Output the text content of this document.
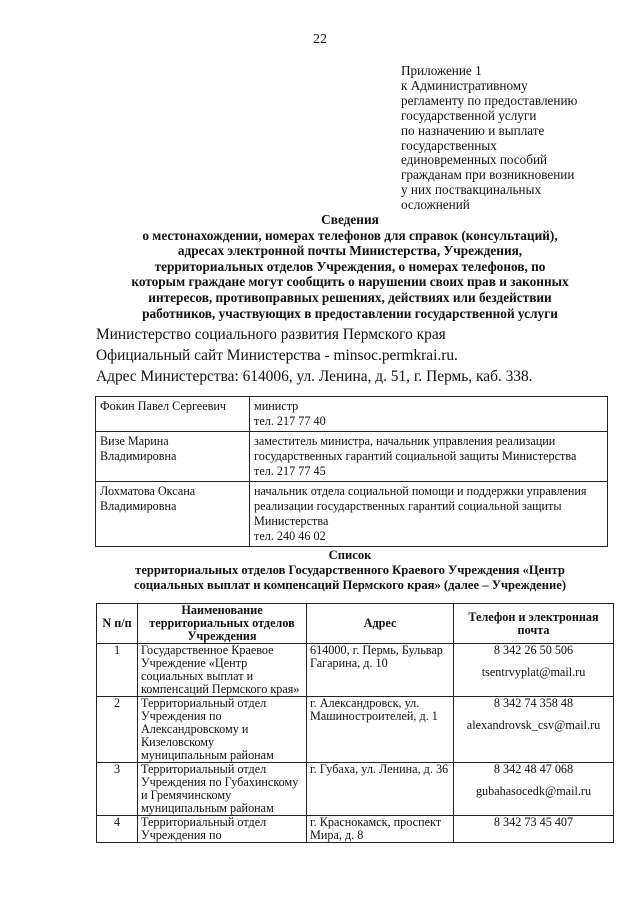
22
Приложение 1
к Административному
регламенту по предоставлению
государственной услуги
по назначению и выплате
государственных
единовременных пособий
гражданам при возникновении
у них поствакцинальных
осложнений
Сведения
о местонахождении, номерах телефонов для справок (консультаций),
адресах электронной почты Министерства, Учреждения,
территориальных отделов Учреждения, о номерах телефонов, по
которым граждане могут сообщить о нарушении своих прав и законных
интересов, противоправных решениях, действиях или бездействии
работников, участвующих в предоставлении государственной услуги
Министерство социального развития Пермского края
Официальный сайт Министерства - minsoc.permkrai.ru.
Адрес Министерства: 614006, ул. Ленина, д. 51, г. Пермь, каб. 338.
Фокин Павел Сергеевич	министр
тел. 217 77 40

Визе Марина Владимировна	заместитель министра, начальник управления реализации государственных гарантий социальной защиты Министерства
тел. 217 77 45

Лохматова Оксана Владимировна	начальник отдела социальной помощи и поддержки управления реализации государственных гарантий социальной защиты Министерства
тел. 240 46 02
Список
территориальных отделов Государственного Краевого Учреждения «Центр
социальных выплат и компенсаций Пермского края» (далее – Учреждение)
N п/п	Наименование территориальных отделов Учреждения	Адрес	Телефон и электронная почта
1	Государственное Краевое Учреждение «Центр социальных выплат и компенсаций Пермского края»	614000, г. Пермь, Бульвар Гагарина, д. 10	8 342 26 50 506
tsentrvyplat@mail.ru

2	Территориальный отдел Учреждения по Александровскому и Кизеловскому муниципальным районам	г. Александровск, ул. Машиностроителей, д. 1	8 342 74 358 48
alexandrovsk_csv@mail.ru

3	Территориальный отдел Учреждения по Губахинскому и Гремячинскому муниципальным районам	г. Губаха, ул. Ленина, д. 36	8 342 48 47 068
gubahasocedk@mail.ru

4	Территориальный отдел Учреждения по	г. Краснокамск, проспект Мира, д. 8	8 342 73 45 407
